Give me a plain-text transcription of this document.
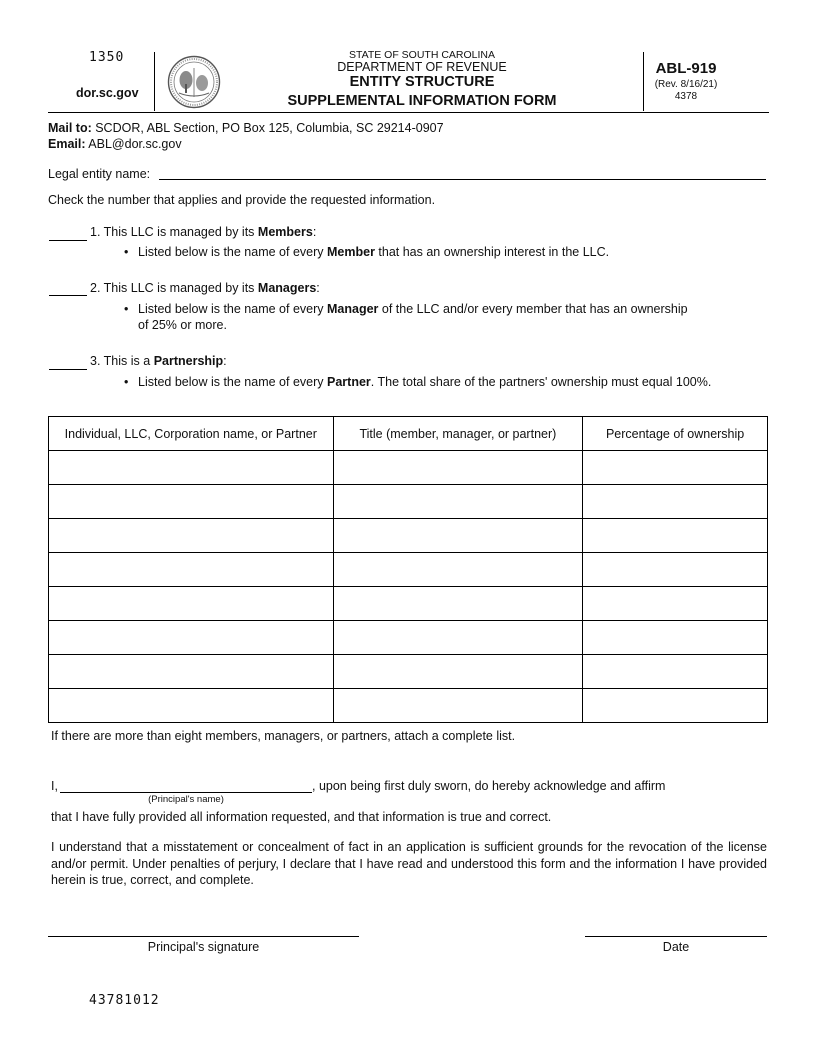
1350
dor.sc.gov
STATE OF SOUTH CAROLINA
DEPARTMENT OF REVENUE
ENTITY STRUCTURE
SUPPLEMENTAL INFORMATION FORM
ABL-919
(Rev. 8/16/21)
4378
Mail to: SCDOR, ABL Section, PO Box 125, Columbia, SC 29214-0907
Email: ABL@dor.sc.gov
Legal entity name:
Check the number that applies and provide the requested information.
1. This LLC is managed by its Members:
• Listed below is the name of every Member that has an ownership interest in the LLC.
2. This LLC is managed by its Managers:
• Listed below is the name of every Manager of the LLC and/or every member that has an ownership
of 25% or more.
3. This is a Partnership:
• Listed below is the name of every Partner. The total share of the partners' ownership must equal 100%.
Individual, LLC, Corporation name, or Partner	Title (member, manager, or partner)	Percentage of ownership

If there are more than eight members, managers, or partners, attach a complete list.
I,	, upon being first duly sworn, do hereby acknowledge and affirm
(Principal's name)
that I have fully provided all information requested, and that information is true and correct.

I understand that a misstatement or concealment of fact in an application is sufficient grounds for the revocation of the license and/or permit. Under penalties of perjury, I declare that I have read and understood this form and the information I have provided herein is true, correct, and complete.

Principal's signature	Date
43781012
